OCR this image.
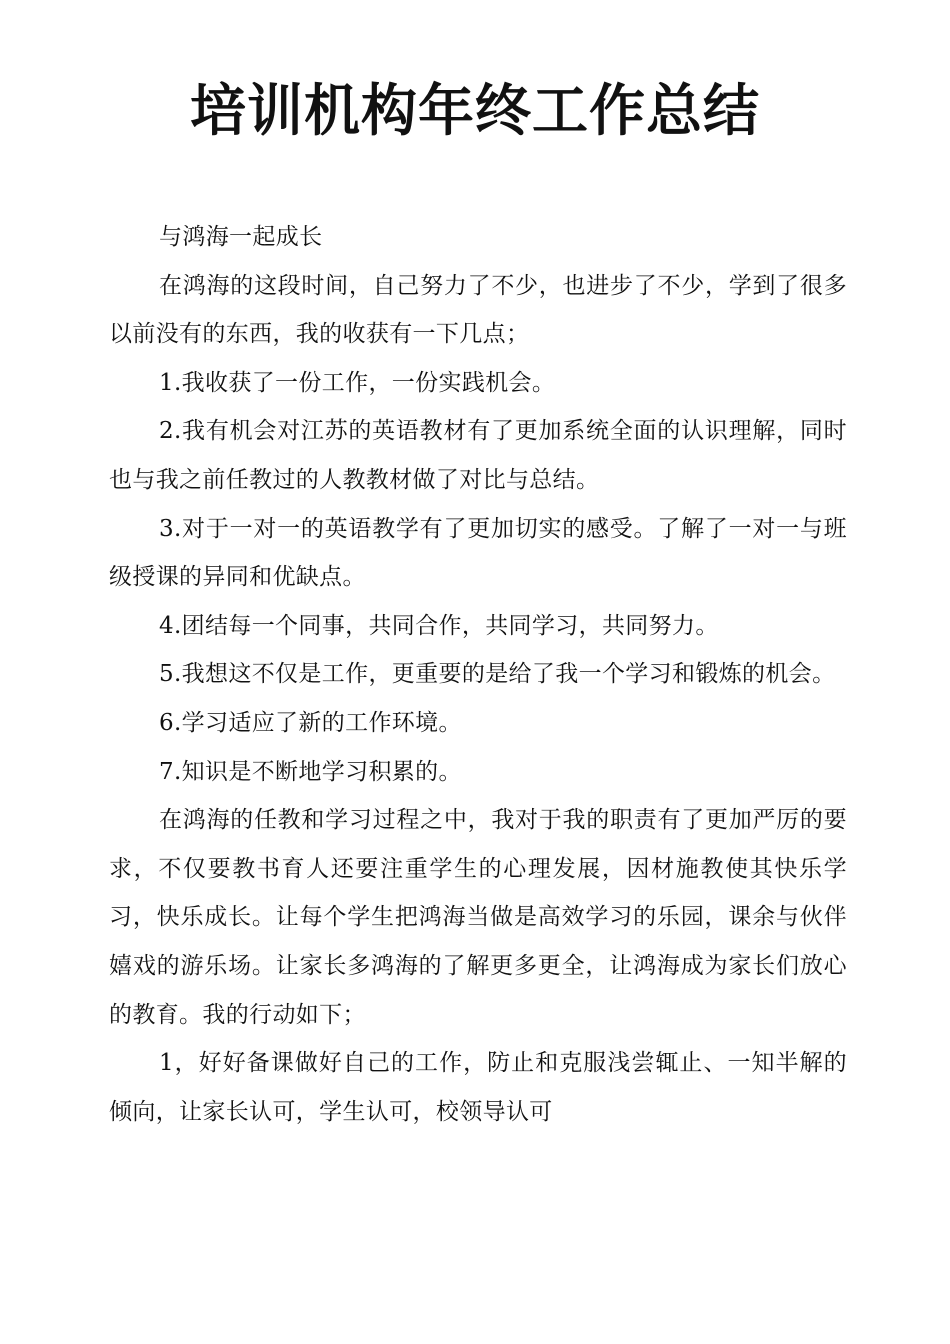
培训机构年终工作总结

与鸿海一起成长

在鸿海的这段时间，自己努力了不少，也进步了不少，学到了很多以前没有的东西，我的收获有一下几点；

1.我收获了一份工作，一份实践机会。

2.我有机会对江苏的英语教材有了更加系统全面的认识理解，同时也与我之前任教过的人教教材做了对比与总结。

3.对于一对一的英语教学有了更加切实的感受。了解了一对一与班级授课的异同和优缺点。

4.团结每一个同事，共同合作，共同学习，共同努力。

5.我想这不仅是工作，更重要的是给了我一个学习和锻炼的机会。

6.学习适应了新的工作环境。

7.知识是不断地学习积累的。

在鸿海的任教和学习过程之中，我对于我的职责有了更加严厉的要求，不仅要教书育人还要注重学生的心理发展，因材施教使其快乐学习，快乐成长。让每个学生把鸿海当做是高效学习的乐园，课余与伙伴嬉戏的游乐场。让家长多鸿海的了解更多更全，让鸿海成为家长们放心的教育。我的行动如下；

1，好好备课做好自己的工作，防止和克服浅尝辄止、一知半解的倾向，让家长认可，学生认可，校领导认可
